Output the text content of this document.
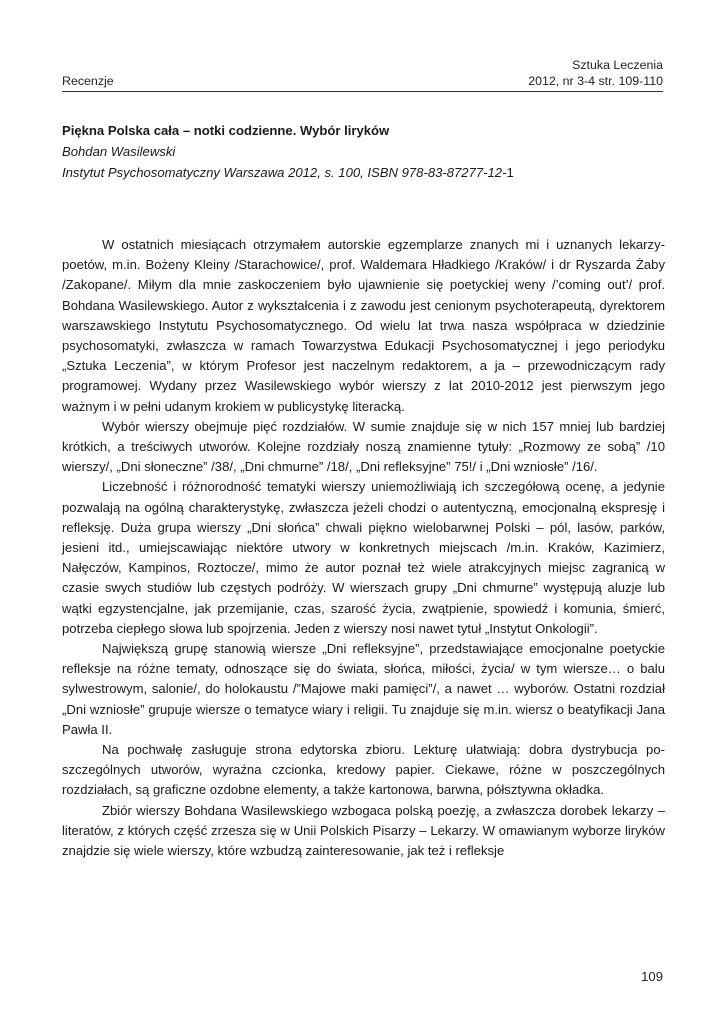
Recenzje
Sztuka Leczenia
2012, nr 3-4 str. 109-110
Piękna Polska cała – notki codzienne. Wybór liryków
Bohdan Wasilewski
Instytut Psychosomatyczny Warszawa 2012, s. 100, ISBN 978-83-87277-12-1

W ostatnich miesiącach otrzymałem autorskie egzemplarze znanych mi i uznanych lekarzy-poetów, m.in. Bożeny Kleiny /Starachowice/, prof. Waldemara Hładkiego /Kraków/ i dr Ryszarda Żaby /Zakopane/. Miłym dla mnie zaskoczeniem było ujawnienie się poetyckiej weny /’coming out’/ prof. Bohdana Wasilewskiego. Autor z wykształcenia i z zawodu jest cenionym psychoterapeutą, dyrektorem warszawskiego Instytutu Psychosomatycznego. Od wielu lat trwa nasza współpraca w dziedzinie psychosomatyki, zwłaszcza w ramach Towarzystwa Edukacji Psychosomatycznej i jego periodyku „Sztuka Leczenia”, w którym Profesor jest naczelnym redaktorem, a ja – przewodniczącym rady programowej. Wydany przez Wasilewskiego wybór wierszy z lat 2010-2012 jest pierwszym jego ważnym i w pełni udanym krokiem w publicystykę literacką.

Wybór wierszy obejmuje pięć rozdziałów. W sumie znajduje się w nich 157 mniej lub bardziej krótkich, a treściwych utworów. Kolejne rozdziały noszą znamienne tytuły: „Rozmowy ze sobą” /10 wierszy/, „Dni słoneczne” /38/, „Dni chmurne” /18/, „Dni refleksyjne” 75!/ i „Dni wzniosłe” /16/.

Liczebność i różnorodność tematyki wierszy uniemożliwiają ich szczegółową ocenę, a jedynie pozwalają na ogólną charakterystykę, zwłaszcza jeżeli chodzi o autentyczną, emocjonalną ekspresję i refleksję. Duża grupa wierszy „Dni słońca” chwali piękno wielobarwnej Polski – pól, lasów, parków, jesieni itd., umiejscawiając niektóre utwory w konkretnych miejscach /m.in. Kraków, Kazimierz, Nałęczów, Kampinos, Roztocze/, mimo że autor poznał też wiele atrakcyjnych miejsc zagranicą w czasie swych studiów lub częstych podróży. W wierszach grupy „Dni chmurne” występują aluzje lub wątki egzystencjalne, jak przemijanie, czas, szarość życia, zwątpienie, spowiedź i komunia, śmierć, potrzeba ciepłego słowa lub spojrzenia. Jeden z wierszy nosi nawet tytuł „Instytut Onkologii”.

Największą grupę stanowią wiersze „Dni refleksyjne”, przedstawiające emocjonalne poetyckie refleksje na różne tematy, odnoszące się do świata, słońca, miłości, życia/ w tym wiersze… o balu sylwestrowym, salonie/, do holokaustu /”Majowe maki pamięci”/, a nawet … wyborów. Ostatni rozdział „Dni wzniosłe” grupuje wiersze o tematyce wiary i religii. Tu znajduje się m.in. wiersz o beatyfikacji Jana Pawła II.

Na pochwałę zasługuje strona edytorska zbioru. Lekturę ułatwiają: dobra dystrybucja poszczególnych utworów, wyraźna czcionka, kredowy papier. Ciekawe, różne w poszczególnych rozdziałach, są graficzne ozdobne elementy, a także kartonowa, barwna, półsztywna okładka.

Zbiór wierszy Bohdana Wasilewskiego wzbogaca polską poezję, a zwłaszcza dorobek lekarzy – literatów, z których część zrzesza się w Unii Polskich Pisarzy – Lekarzy. W omawianym wyborze liryków znajdzie się wiele wierszy, które wzbudzą zainteresowanie, jak też i refleksje

109
